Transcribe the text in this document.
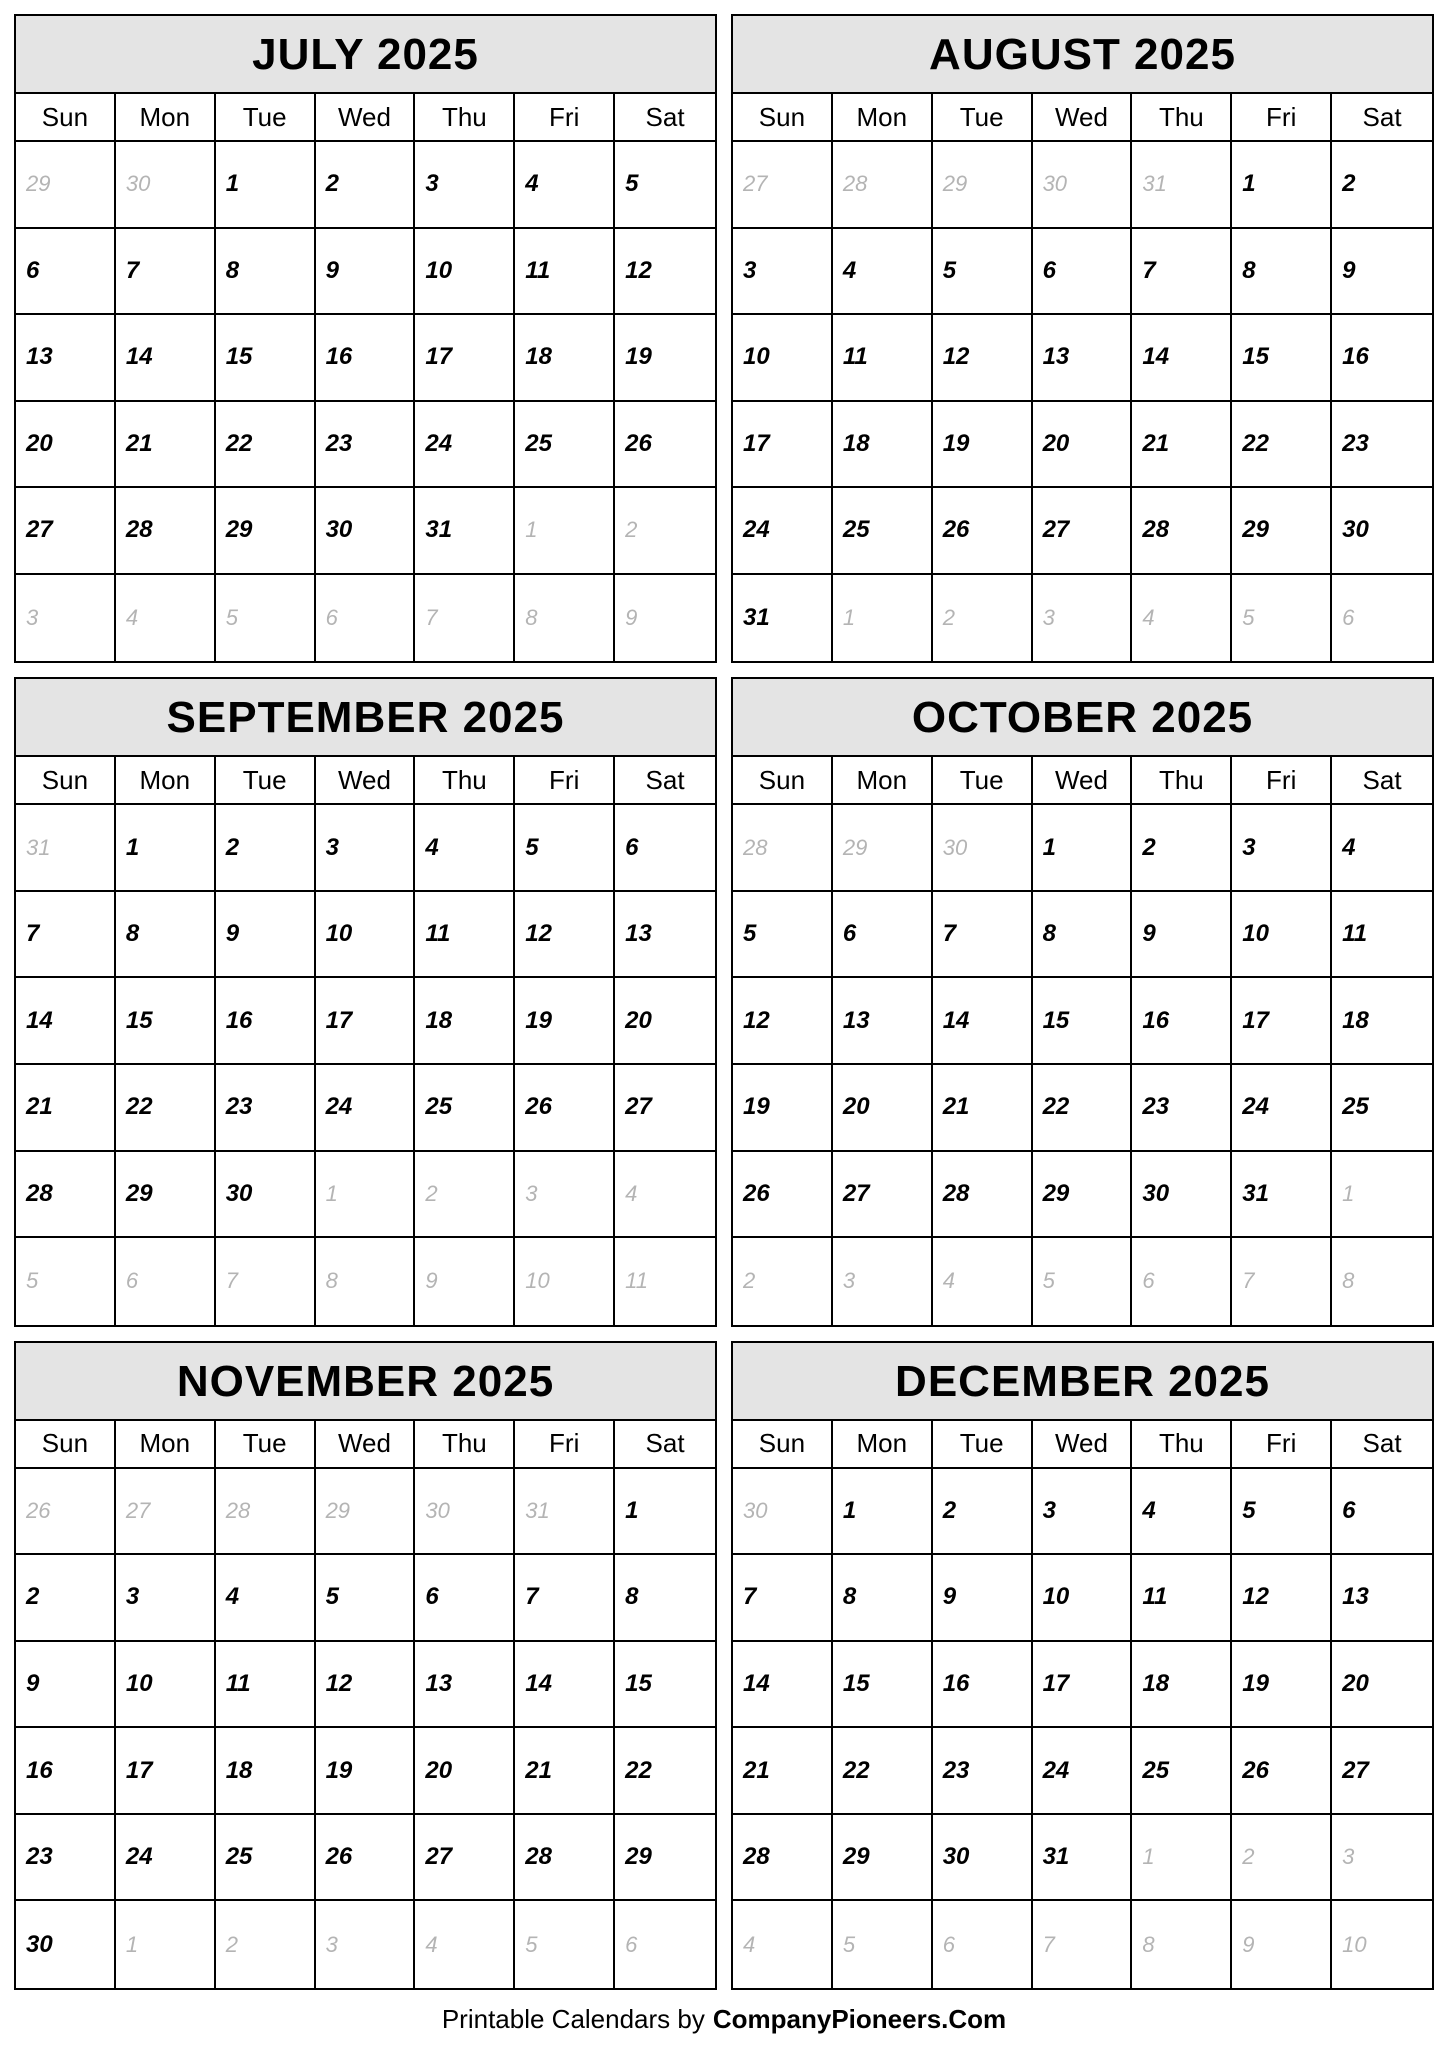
JULY 2025
Sun	Mon	Tue	Wed	Thu	Fri	Sat
29	30	1	2	3	4	5
6	7	8	9	10	11	12
13	14	15	16	17	18	19
20	21	22	23	24	25	26
27	28	29	30	31	1	2
3	4	5	6	7	8	9
AUGUST 2025
Sun	Mon	Tue	Wed	Thu	Fri	Sat
27	28	29	30	31	1	2
3	4	5	6	7	8	9
10	11	12	13	14	15	16
17	18	19	20	21	22	23
24	25	26	27	28	29	30
31	1	2	3	4	5	6
SEPTEMBER 2025
Sun	Mon	Tue	Wed	Thu	Fri	Sat
31	1	2	3	4	5	6
7	8	9	10	11	12	13
14	15	16	17	18	19	20
21	22	23	24	25	26	27
28	29	30	1	2	3	4
5	6	7	8	9	10	11
OCTOBER 2025
Sun	Mon	Tue	Wed	Thu	Fri	Sat
28	29	30	1	2	3	4
5	6	7	8	9	10	11
12	13	14	15	16	17	18
19	20	21	22	23	24	25
26	27	28	29	30	31	1
2	3	4	5	6	7	8
NOVEMBER 2025
Sun	Mon	Tue	Wed	Thu	Fri	Sat
26	27	28	29	30	31	1
2	3	4	5	6	7	8
9	10	11	12	13	14	15
16	17	18	19	20	21	22
23	24	25	26	27	28	29
30	1	2	3	4	5	6
DECEMBER 2025
Sun	Mon	Tue	Wed	Thu	Fri	Sat
30	1	2	3	4	5	6
7	8	9	10	11	12	13
14	15	16	17	18	19	20
21	22	23	24	25	26	27
28	29	30	31	1	2	3
4	5	6	7	8	9	10
Printable Calendars by CompanyPioneers.Com
